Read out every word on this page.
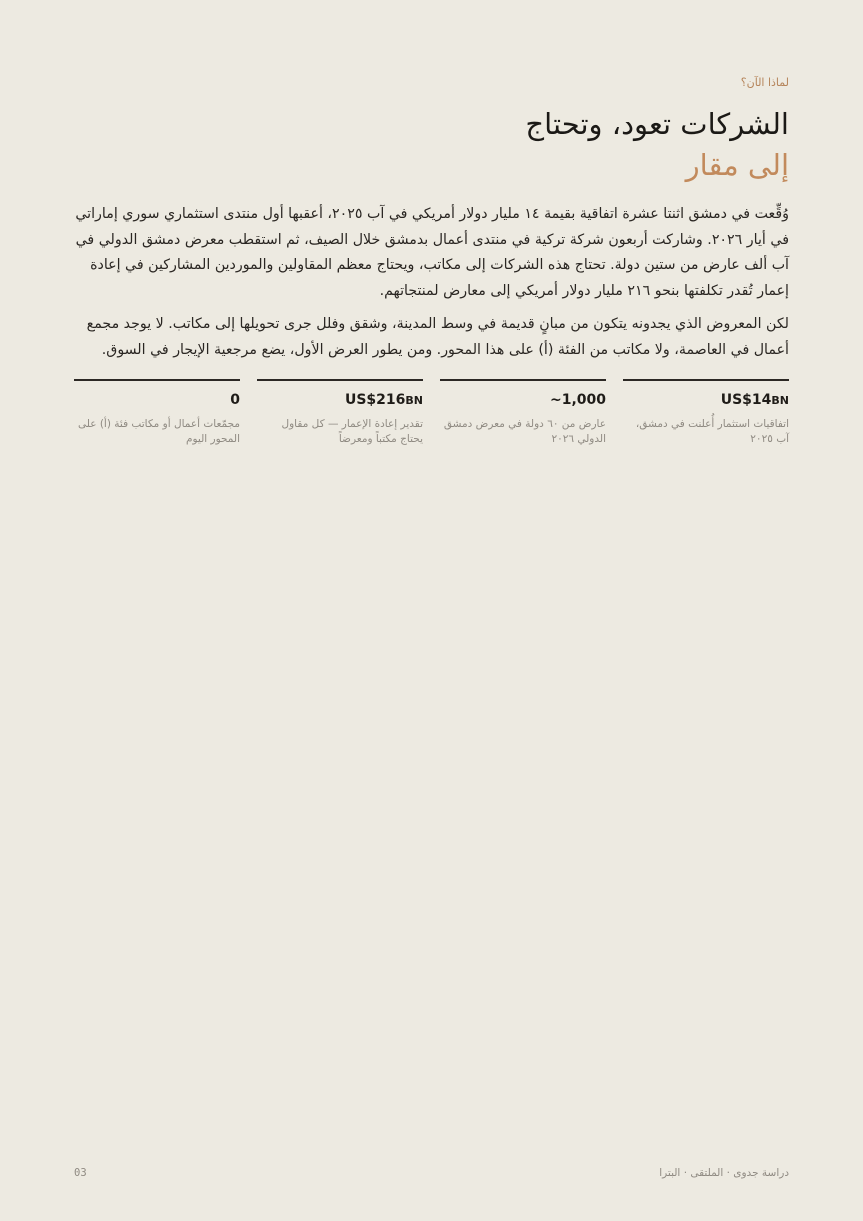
لماذا الآن؟
الشركات تعود، وتحتاج
إلى مقار

وُقِّعت في دمشق اثنتا عشرة اتفاقية بقيمة ١٤ مليار دولار أمريكي في آب ٢٠٢٥، أعقبها أول منتدى استثماري سوري إماراتي في أيار ٢٠٢٦. وشاركت أربعون شركة تركية في منتدى أعمال بدمشق خلال الصيف، ثم استقطب معرض دمشق الدولي في آب ألف عارض من ستين دولة. تحتاج هذه الشركات إلى مكاتب، ويحتاج معظم المقاولين والموردين المشاركين في إعادة إعمار تُقدر تكلفتها بنحو ٢١٦ مليار دولار أمريكي إلى معارض لمنتجاتهم.

لكن المعروض الذي يجدونه يتكون من مبانٍ قديمة في وسط المدينة، وشقق وفلل جرى تحويلها إلى مكاتب. لا يوجد مجمع أعمال في العاصمة، ولا مكاتب من الفئة (أ) على هذا المحور. ومن يطور العرض الأول، يضع مرجعية الإيجار في السوق.

US$14BN
اتفاقيات استثمار أُعلنت في دمشق، آب ٢٠٢٥
~1,000
عارض من ٦٠ دولة في معرض دمشق الدولي ٢٠٢٦
US$216BN
تقدير إعادة الإعمار — كل مقاول يحتاج مكتباً ومعرضاً
0
مجمّعات أعمال أو مكاتب فئة (أ) على المحور اليوم
دراسة جدوى · الملتقى · البترا
03
